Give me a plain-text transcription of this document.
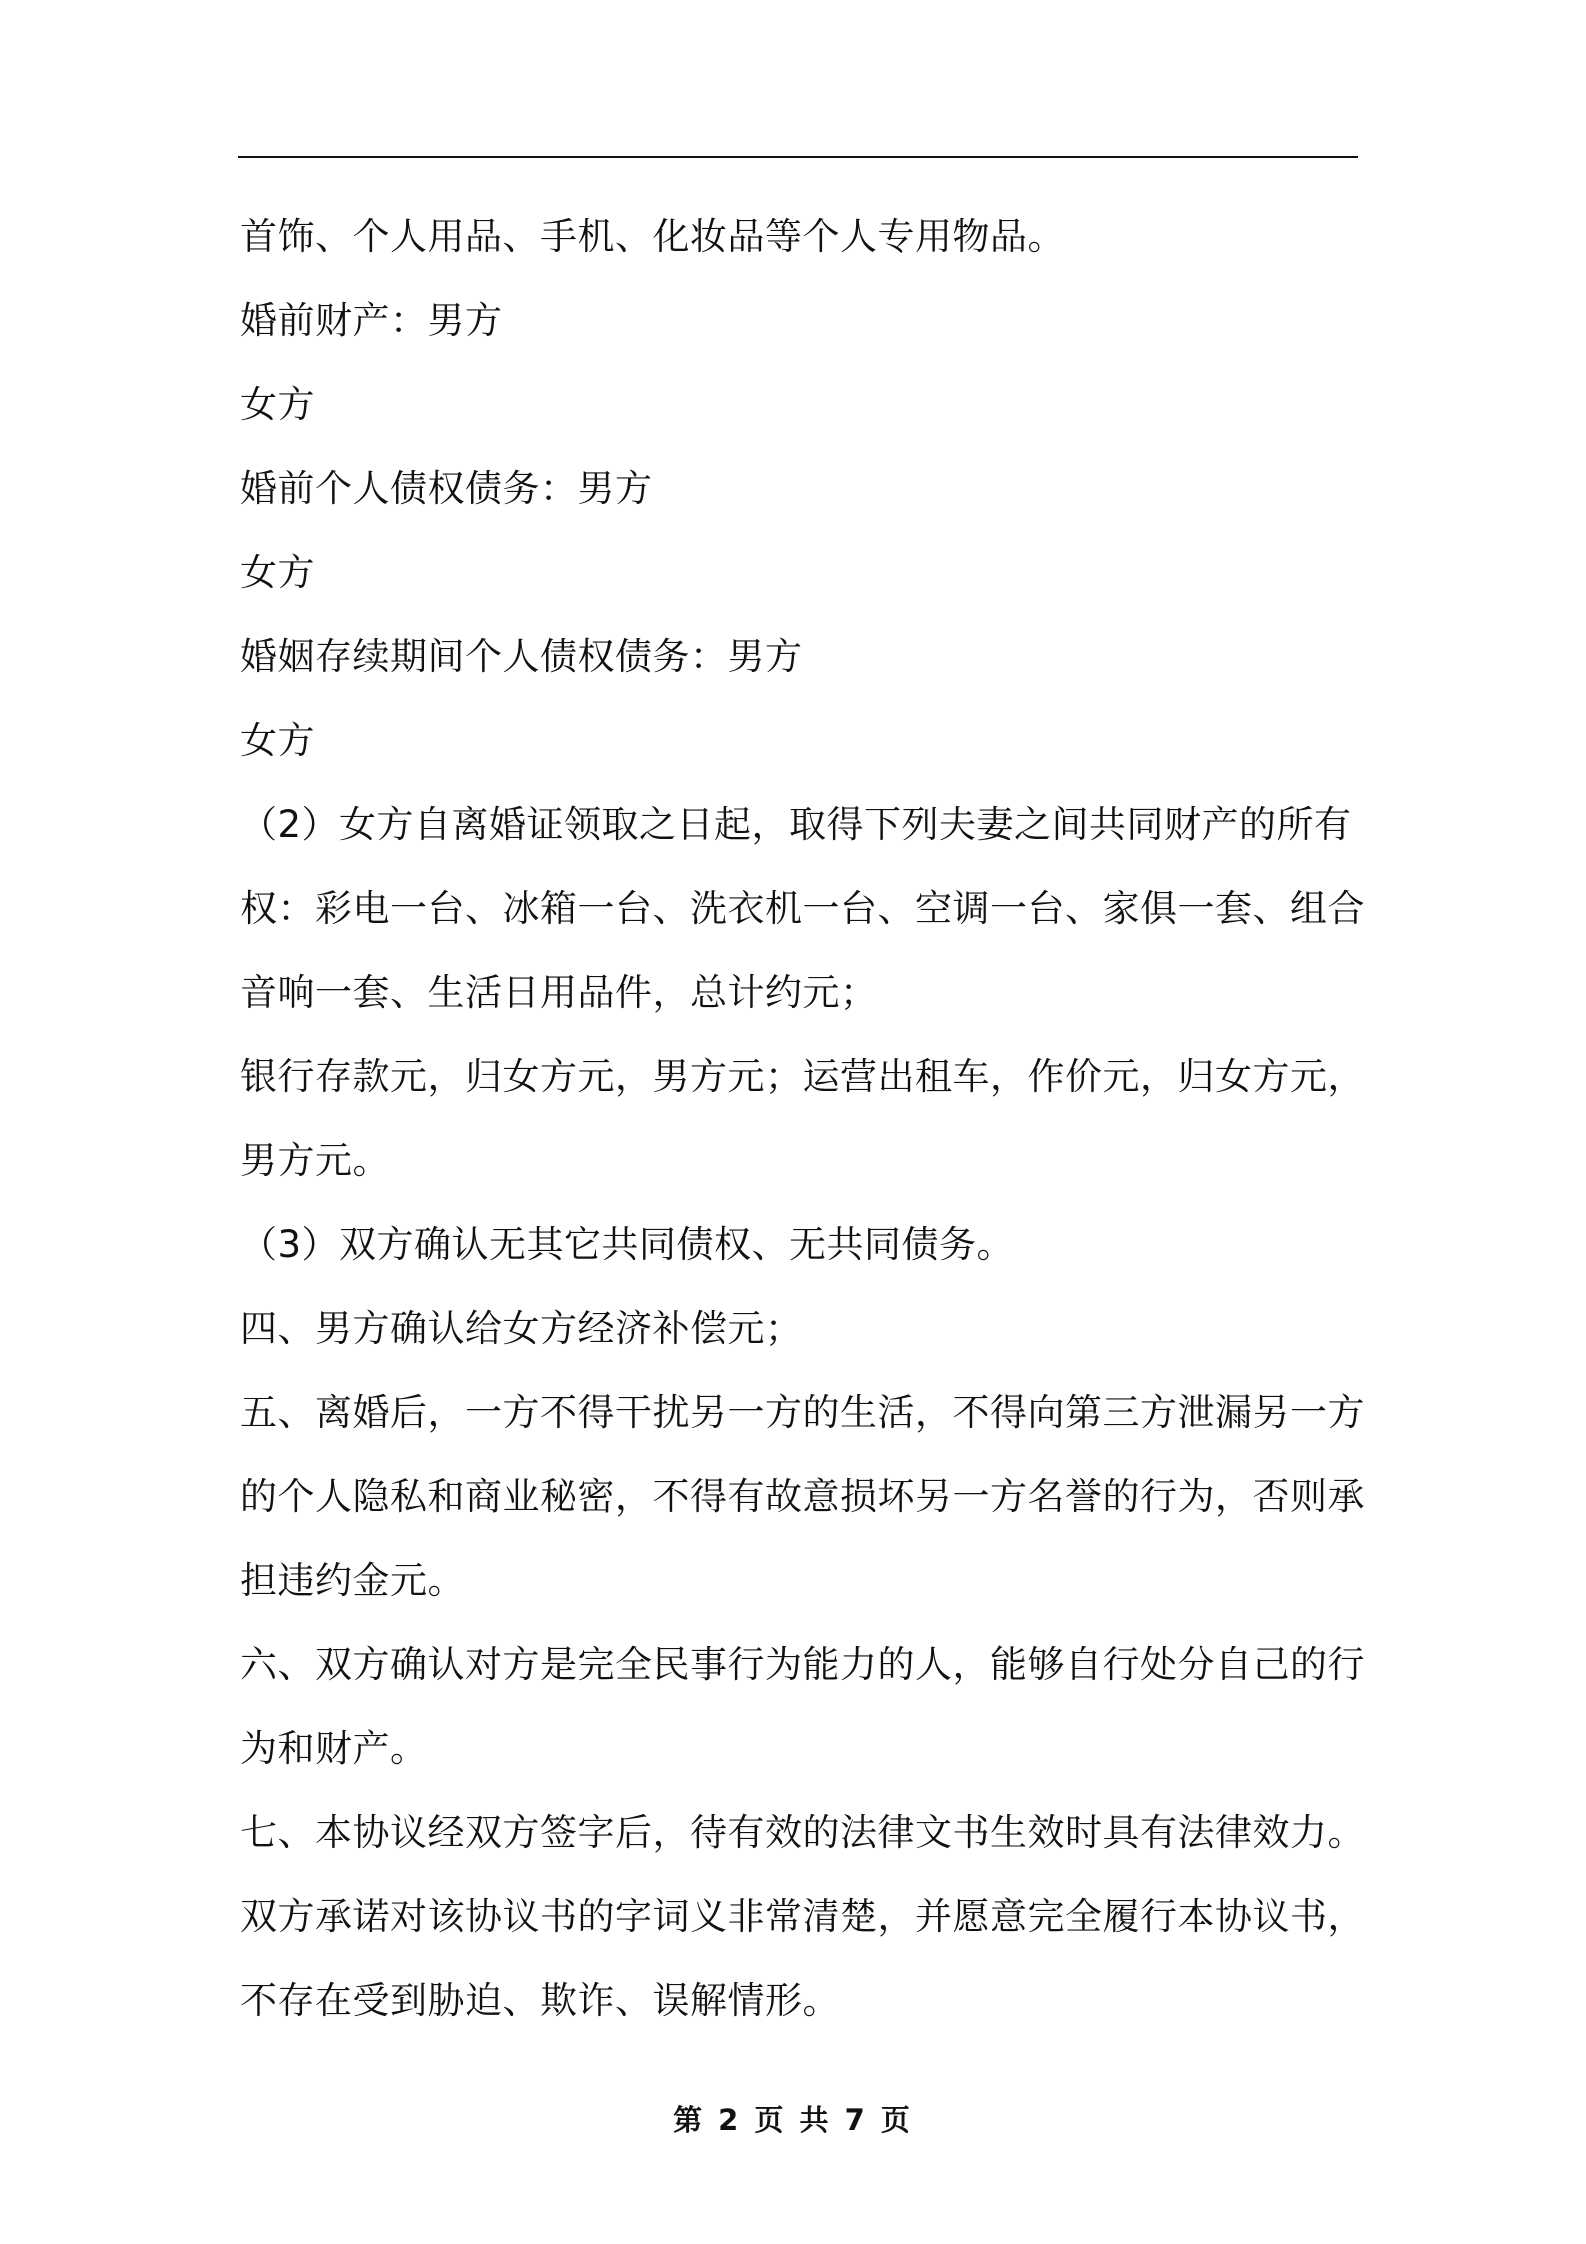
首饰、个人用品、手机、化妆品等个人专用物品。

婚前财产：男方

女方

婚前个人债权债务：男方

女方

婚姻存续期间个人债权债务：男方

女方

（2）女方自离婚证领取之日起，取得下列夫妻之间共同财产的所有

权：彩电一台、冰箱一台、洗衣机一台、空调一台、家俱一套、组合

音响一套、生活日用品件，总计约元；

银行存款元，归女方元，男方元；运营出租车，作价元，归女方元，

男方元。

（3）双方确认无其它共同债权、无共同债务。

四、男方确认给女方经济补偿元；

五、离婚后，一方不得干扰另一方的生活，不得向第三方泄漏另一方

的个人隐私和商业秘密，不得有故意损坏另一方名誉的行为，否则承

担违约金元。

六、双方确认对方是完全民事行为能力的人，能够自行处分自己的行

为和财产。

七、本协议经双方签字后，待有效的法律文书生效时具有法律效力。

双方承诺对该协议书的字词义非常清楚，并愿意完全履行本协议书，

不存在受到胁迫、欺诈、误解情形。

第 2 页 共 7 页
